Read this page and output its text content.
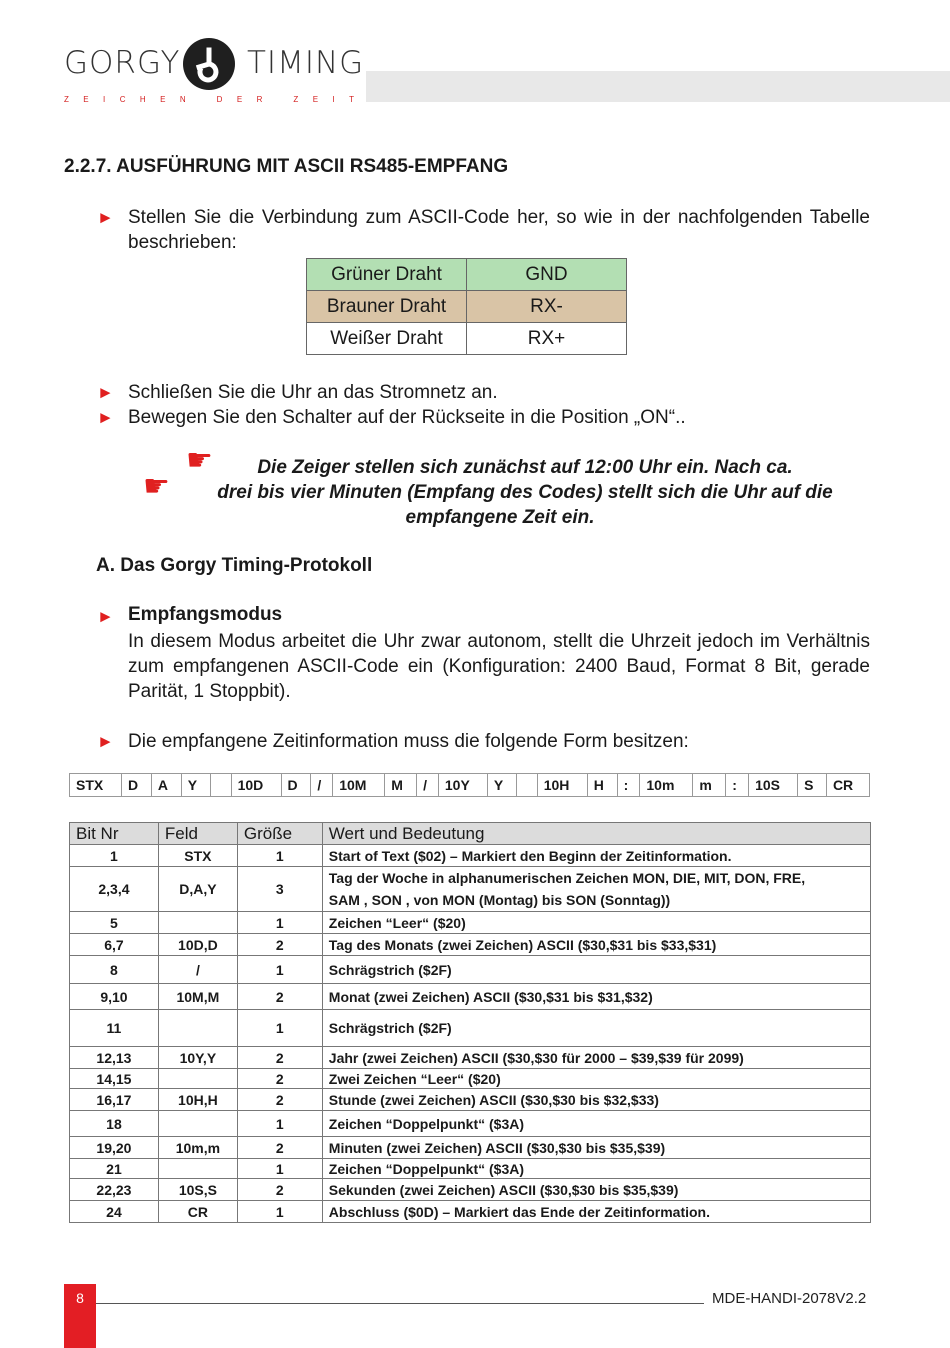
GORGY TIMING
Z E I C H E N
	D E R
	Z E I T
2.2.7. AUSFÜHRUNG MIT ASCII RS485-EMPFANG
► Stellen Sie die Verbindung zum ASCII-Code her, so wie in der nachfolgenden Tabelle beschrieben:
Grüner Draht	GND
Brauner Draht	RX-
Weißer Draht	RX+
► Schließen Sie die Uhr an das Stromnetz an.
► Bewegen Sie den Schalter auf der Rückseite in die Position „ON“..
☛
☛
Die Zeiger stellen sich zunächst auf 12:00 Uhr ein. Nach ca.
drei bis vier Minuten (Empfang des Codes) stellt sich die Uhr auf die
empfangene Zeit ein.
A. Das Gorgy Timing-Protokoll
► Empfangsmodus
In diesem Modus arbeitet die Uhr zwar autonom, stellt die Uhrzeit jedoch im Verhältnis zum empfangenen ASCII-Code ein (Konfiguration: 2400 Baud, Format 8 Bit, gerade Parität, 1 Stoppbit).
► Die empfangene Zeitinformation muss die folgende Form besitzen:
STX	D	A	Y		10D	D	/	10M	M	/	10Y	Y		10H	H	:	10m	m	:	10S	S	CR
Bit Nr	Feld	Größe	Wert und Bedeutung
1	STX	1	Start of Text ($02) – Markiert den Beginn der Zeitinformation.

2,3,4	D,A,Y	3	Tag der Woche in alphanumerischen Zeichen MON, DIE, MIT, DON, FRE,
SAM , SON , von MON (Montag) bis SON (Sonntag))

5		1	Zeichen “Leer“ ($20)

6,7	10D,D	2	Tag des Monats (zwei Zeichen) ASCII ($30,$31 bis $33,$31)

8	/	1	Schrägstrich ($2F)

9,10	10M,M	2	Monat (zwei Zeichen) ASCII ($30,$31 bis $31,$32)

11		1	Schrägstrich ($2F)

12,13	10Y,Y	2	Jahr (zwei Zeichen) ASCII ($30,$30 für 2000 – $39,$39 für 2099)

14,15		2	Zwei Zeichen “Leer“ ($20)

16,17	10H,H	2	Stunde (zwei Zeichen) ASCII ($30,$30 bis $32,$33)

18		1	Zeichen “Doppelpunkt“ ($3A)

19,20	10m,m	2	Minuten (zwei Zeichen) ASCII ($30,$30 bis $35,$39)

21		1	Zeichen “Doppelpunkt“ ($3A)

22,23	10S,S	2	Sekunden (zwei Zeichen) ASCII ($30,$30 bis $35,$39)

24	CR	1	Abschluss ($0D) – Markiert das Ende der Zeitinformation.
8	MDE-HANDI-2078V2.2
